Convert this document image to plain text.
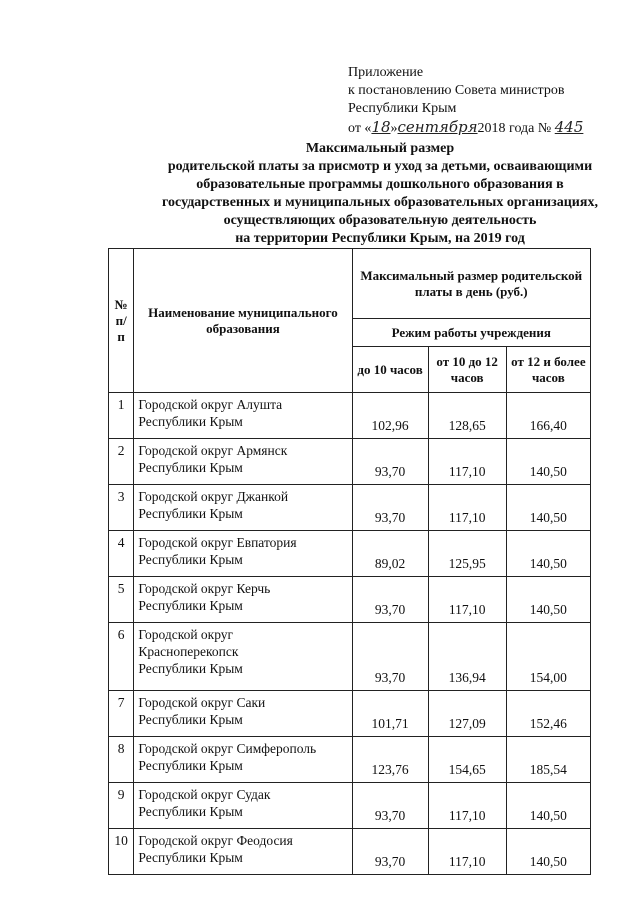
Приложение
к постановлению Совета министров
Республики Крым
от «18»сентября2018 года № 445
Максимальный размер
родительской платы за присмотр и уход за детьми, осваивающими
образовательные программы дошкольного образования в
государственных и муниципальных образовательных организациях,
осуществляющих образовательную деятельность
на территории Республики Крым, на 2019 год
№ п/п	Наименование муниципального образования	Максимальный размер родительской платы в день (руб.)		
		Режим работы учреждения		
		до 10 часов	от 10 до 12 часов	от 12 и более часов
1	Городской округ Алушта
Республики Крым	102,96	128,65	166,40
2	Городской округ Армянск
Республики Крым	93,70	117,10	140,50
3	Городской округ Джанкой
Республики Крым	93,70	117,10	140,50
4	Городской округ Евпатория
Республики Крым	89,02	125,95	140,50
5	Городской округ Керчь
Республики Крым	93,70	117,10	140,50
6	Городской округ
Красноперекопск
Республики Крым	93,70	136,94	154,00
7	Городской округ Саки
Республики Крым	101,71	127,09	152,46
8	Городской округ Симферополь
Республики Крым	123,76	154,65	185,54
9	Городской округ Судак
Республики Крым	93,70	117,10	140,50
10	Городской округ Феодосия
Республики Крым	93,70	117,10	140,50
